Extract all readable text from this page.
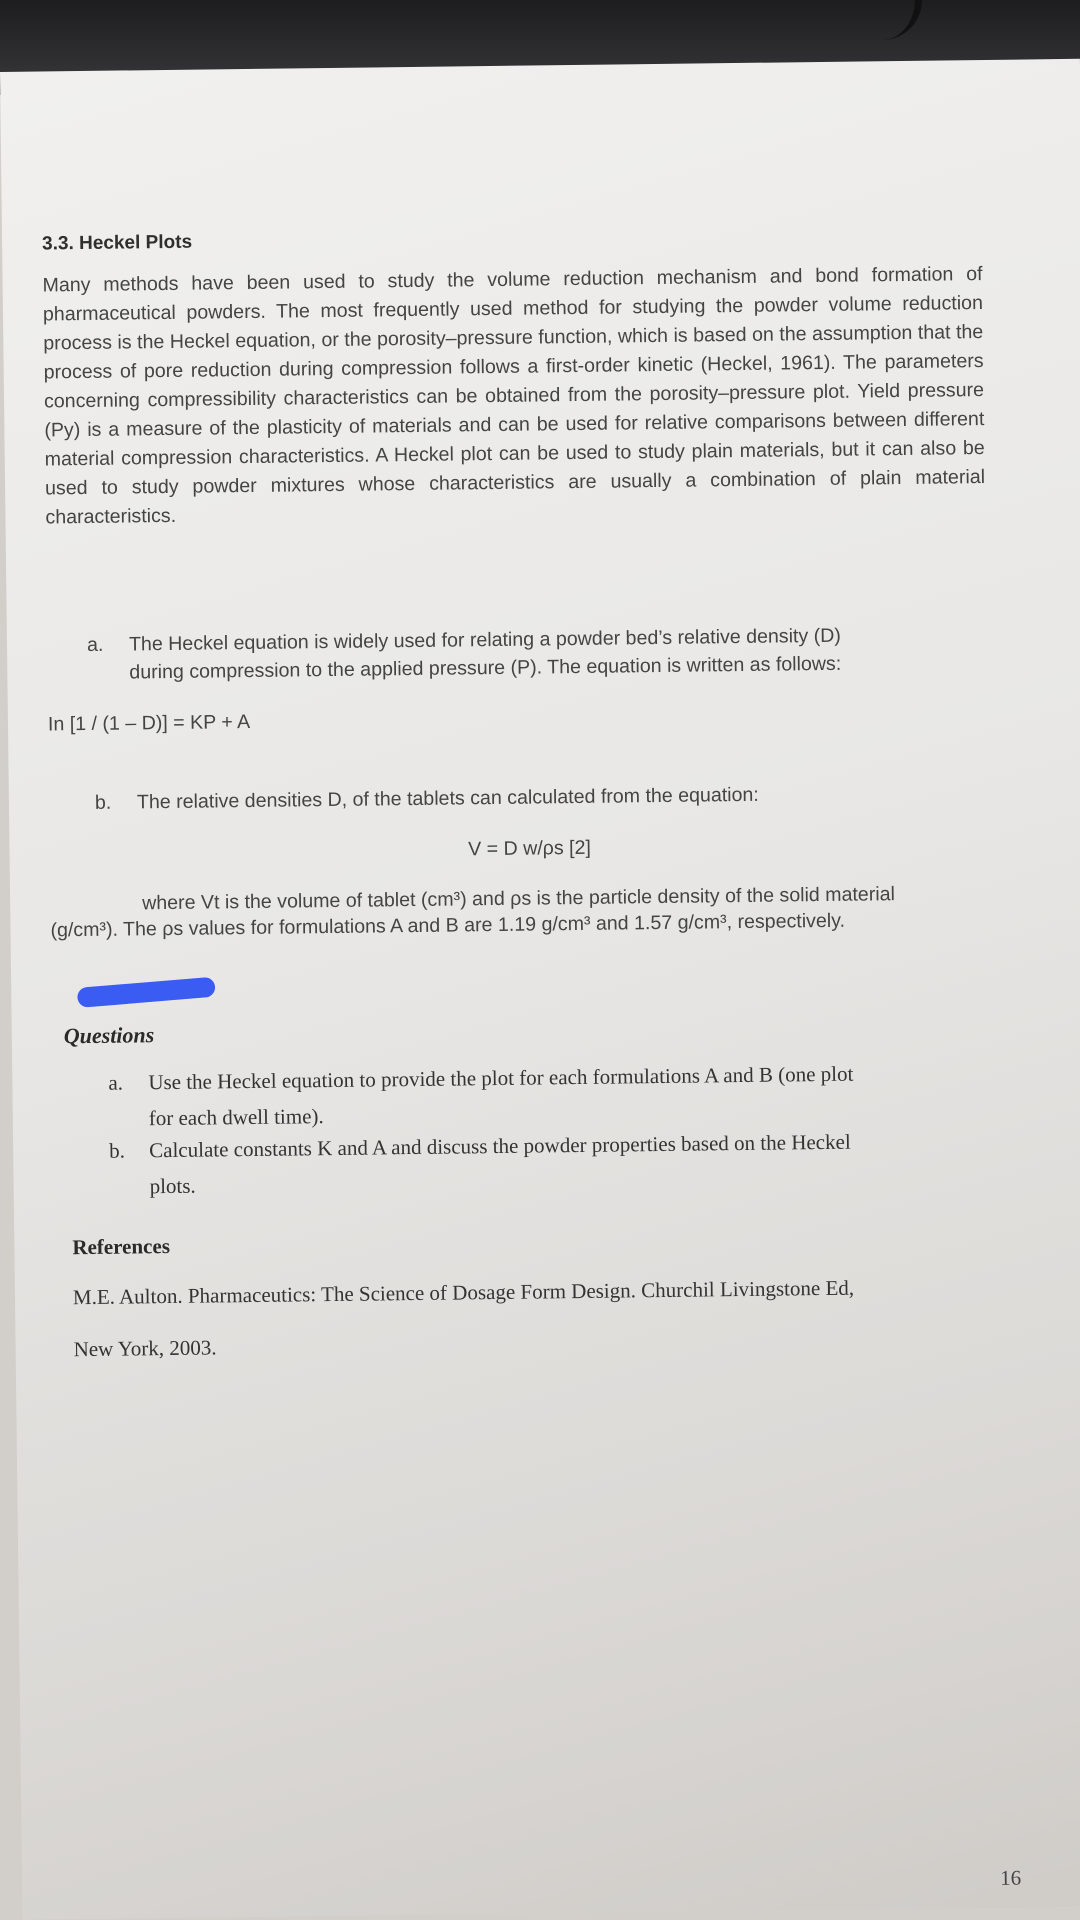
3.3. Heckel Plots
Many methods have been used to study the volume reduction mechanism and bond formation of pharmaceutical powders. The most frequently used method for studying the powder volume reduction process is the Heckel equation, or the porosity–pressure function, which is based on the assumption that the process of pore reduction during compression follows a first-order kinetic (Heckel, 1961). The parameters concerning compressibility characteristics can be obtained from the porosity–pressure plot. Yield pressure (Py) is a measure of the plasticity of materials and can be used for relative comparisons between different material compression characteristics. A Heckel plot can be used to study plain materials, but it can also be used to study powder mixtures whose characteristics are usually a combination of plain material characteristics.
a. The Heckel equation is widely used for relating a powder bed’s relative density (D)
during compression to the applied pressure (P). The equation is written as follows:
In [1 / (1 – D)] = KP + A
b. The relative densities D, of the tablets can calculated from the equation:
V = D w/ρs [2]
where Vt is the volume of tablet (cm³) and ρs is the particle density of the solid material
(g/cm³). The ρs values for formulations A and B are 1.19 g/cm³ and 1.57 g/cm³, respectively.
Questions
a. Use the Heckel equation to provide the plot for each formulations A and B (one plot
for each dwell time).
b. Calculate constants K and A and discuss the powder properties based on the Heckel
plots.
References
M.E. Aulton. Pharmaceutics: The Science of Dosage Form Design. Churchil Livingstone Ed,
New York, 2003.
16
